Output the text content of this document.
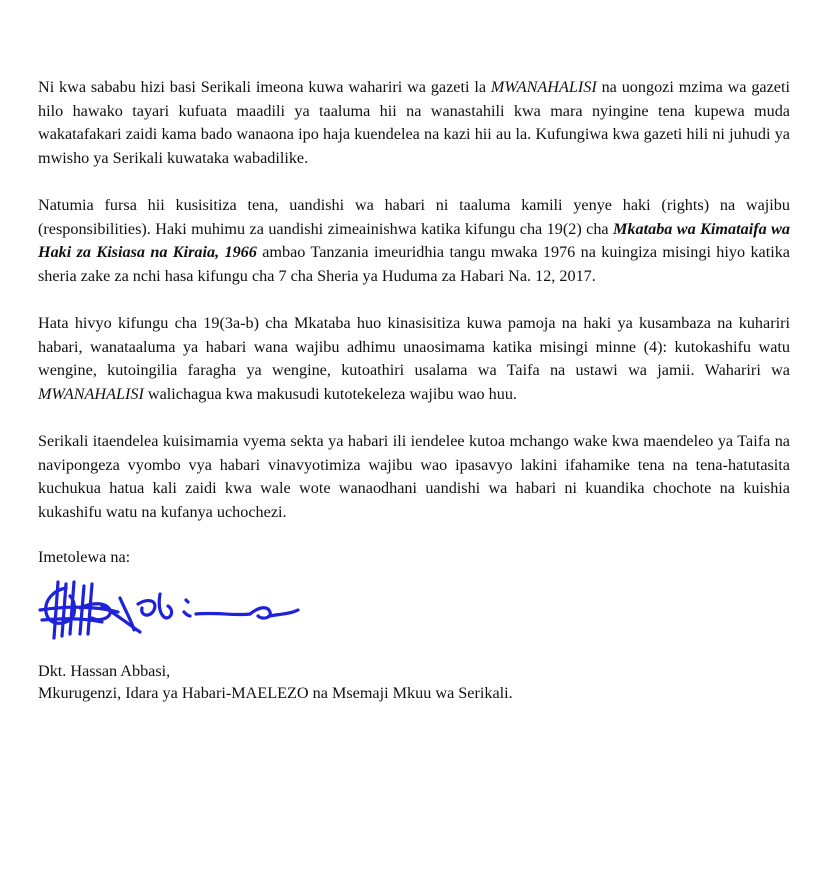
Ni kwa sababu hizi basi Serikali imeona kuwa wahariri wa gazeti la MWANAHALISI na uongozi mzima wa gazeti hilo hawako tayari kufuata maadili ya taaluma hii na wanastahili kwa mara nyingine tena kupewa muda wakatafakari zaidi kama bado wanaona ipo haja kuendelea na kazi hii au la. Kufungiwa kwa gazeti hili ni juhudi ya mwisho ya Serikali kuwataka wabadilike.

Natumia fursa hii kusisitiza tena, uandishi wa habari ni taaluma kamili yenye haki (rights) na wajibu (responsibilities). Haki muhimu za uandishi zimeainishwa katika kifungu cha 19(2) cha Mkataba wa Kimataifa wa Haki za Kisiasa na Kiraia, 1966 ambao Tanzania imeuridhia tangu mwaka 1976 na kuingiza misingi hiyo katika sheria zake za nchi hasa kifungu cha 7 cha Sheria ya Huduma za Habari Na. 12, 2017.

Hata hivyo kifungu cha 19(3a-b) cha Mkataba huo kinasisitiza kuwa pamoja na haki ya kusambaza na kuhariri habari, wanataaluma ya habari wana wajibu adhimu unaosimama katika misingi minne (4): kutokashifu watu wengine, kutoingilia faragha ya wengine, kutoathiri usalama wa Taifa na ustawi wa jamii. Wahariri wa MWANAHALISI walichagua kwa makusudi kutotekeleza wajibu wao huu.

Serikali itaendelea kuisimamia vyema sekta ya habari ili iendelee kutoa mchango wake kwa maendeleo ya Taifa na navipongeza vyombo vya habari vinavyotimiza wajibu wao ipasavyo lakini ifahamike tena na tena-hatutasita kuchukua hatua kali zaidi kwa wale wote wanaodhani uandishi wa habari ni kuandika chochote na kuishia kukashifu watu na kufanya uchochezi.

Imetolewa na:
Dkt. Hassan Abbasi,
Mkurugenzi, Idara ya Habari-MAELEZO na Msemaji Mkuu wa Serikali.
